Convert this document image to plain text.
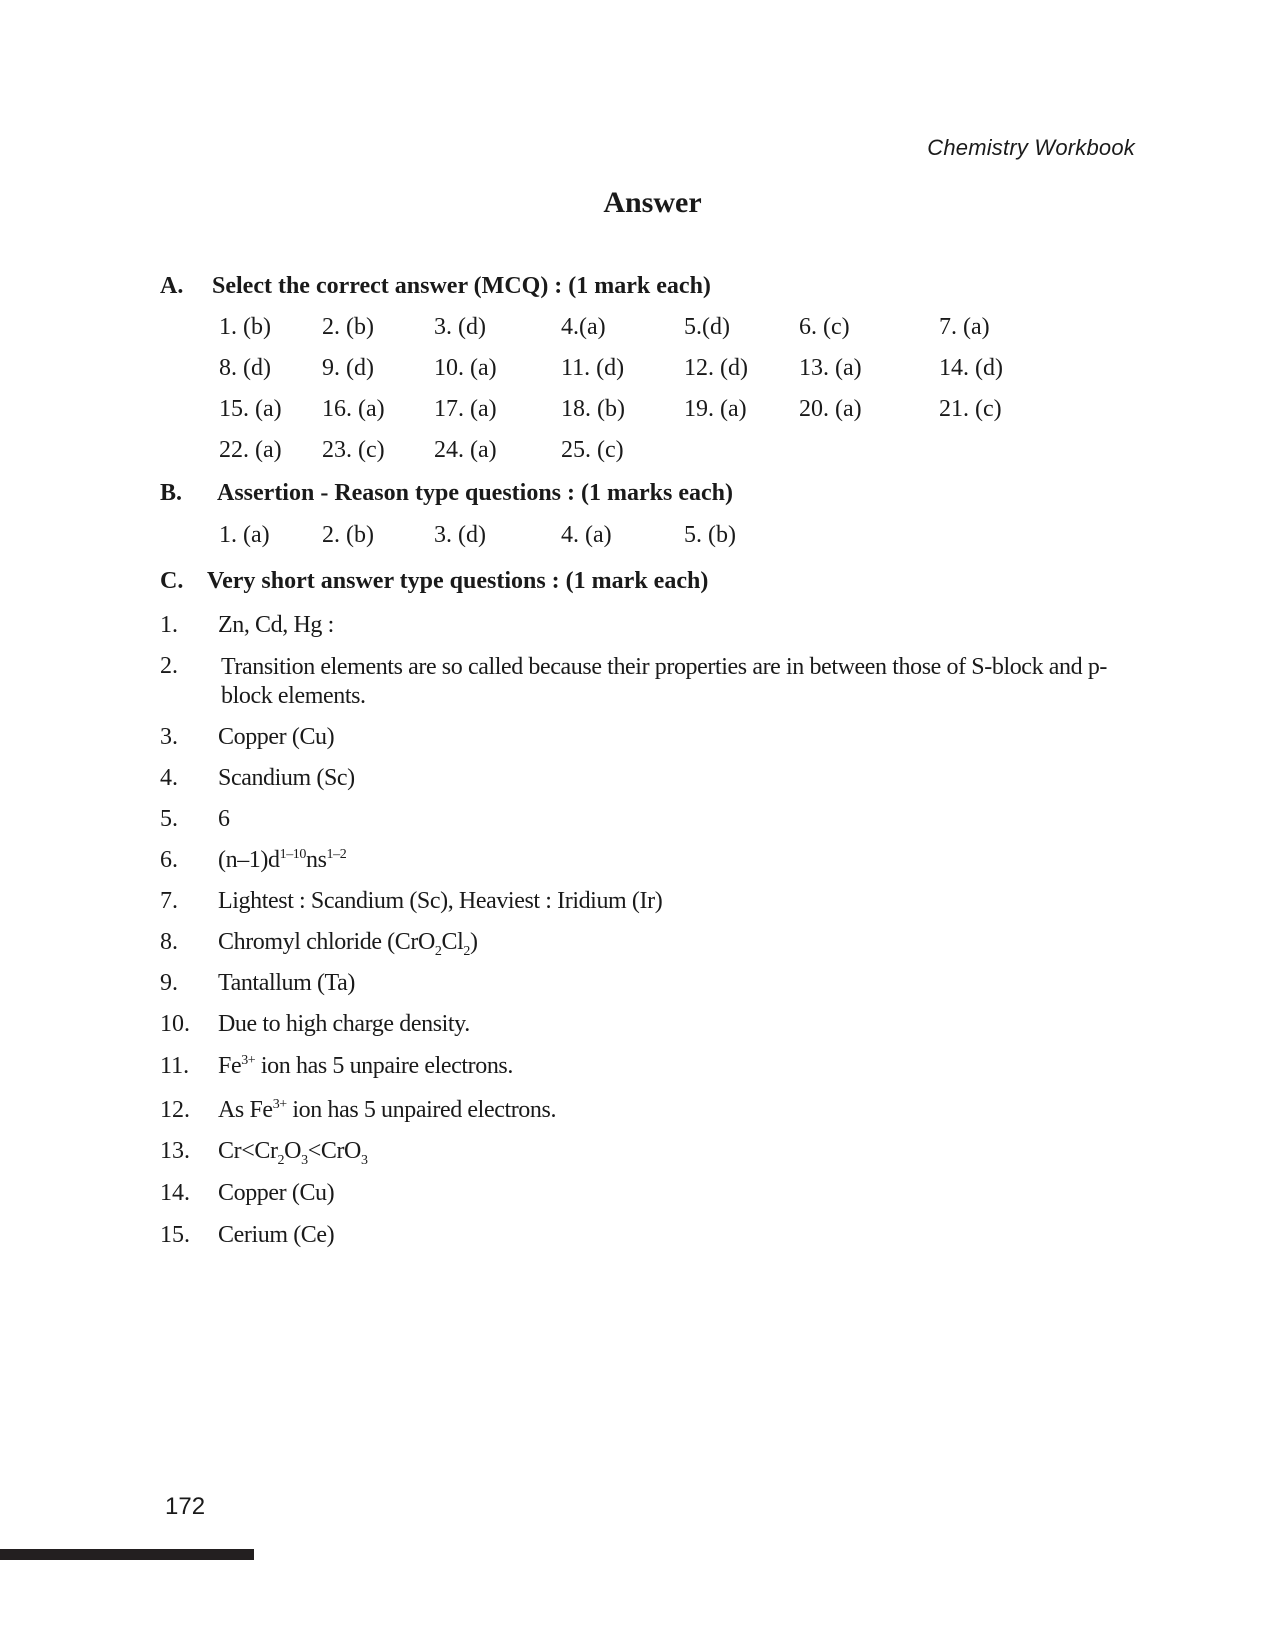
Chemistry Workbook
Answer
A. Select the correct answer (MCQ) : (1 mark each)
1. (b) 2. (b)	3. (d)	4.(a)	5.(d)	6. (c)	7. (a)
8. (d) 9. (d)	10. (a)	11. (d) 12. (d) 13. (a)	14. (d)
15. (a) 16. (a) 17. (a)	18. (b) 19. (a) 20. (a)	21. (c)
22. (a) 23. (c) 24. (a)	25. (c)
B. Assertion - Reason type questions : (1 marks each)
1. (a) 2. (b)	3. (d)	4. (a)	5. (b)
C. Very short answer type questions : (1 mark each)
1. Zn, Cd, Hg :
2. Transition elements are so called because their properties are in between those of S-block and p-block elements.
3. Copper (Cu)
4. Scandium (Sc)
5. 6
6. $(n-1)d^{1-10}ns^{1-2}$
7. Lightest : Scandium (Sc), Heaviest : Iridium (Ir)
8. Chromyl chloride $(CrO_2Cl_2)$
9. Tantallum (Ta)
10. Due to high charge density.
11. $Fe^{3+}$ ion has 5 unpaire electrons.
12. As $Fe^{3+}$ ion has 5 unpaired electrons.
13. $Cr<Cr_2O_3<CrO_3$
14. Copper (Cu)
15. Cerium (Ce)
172
